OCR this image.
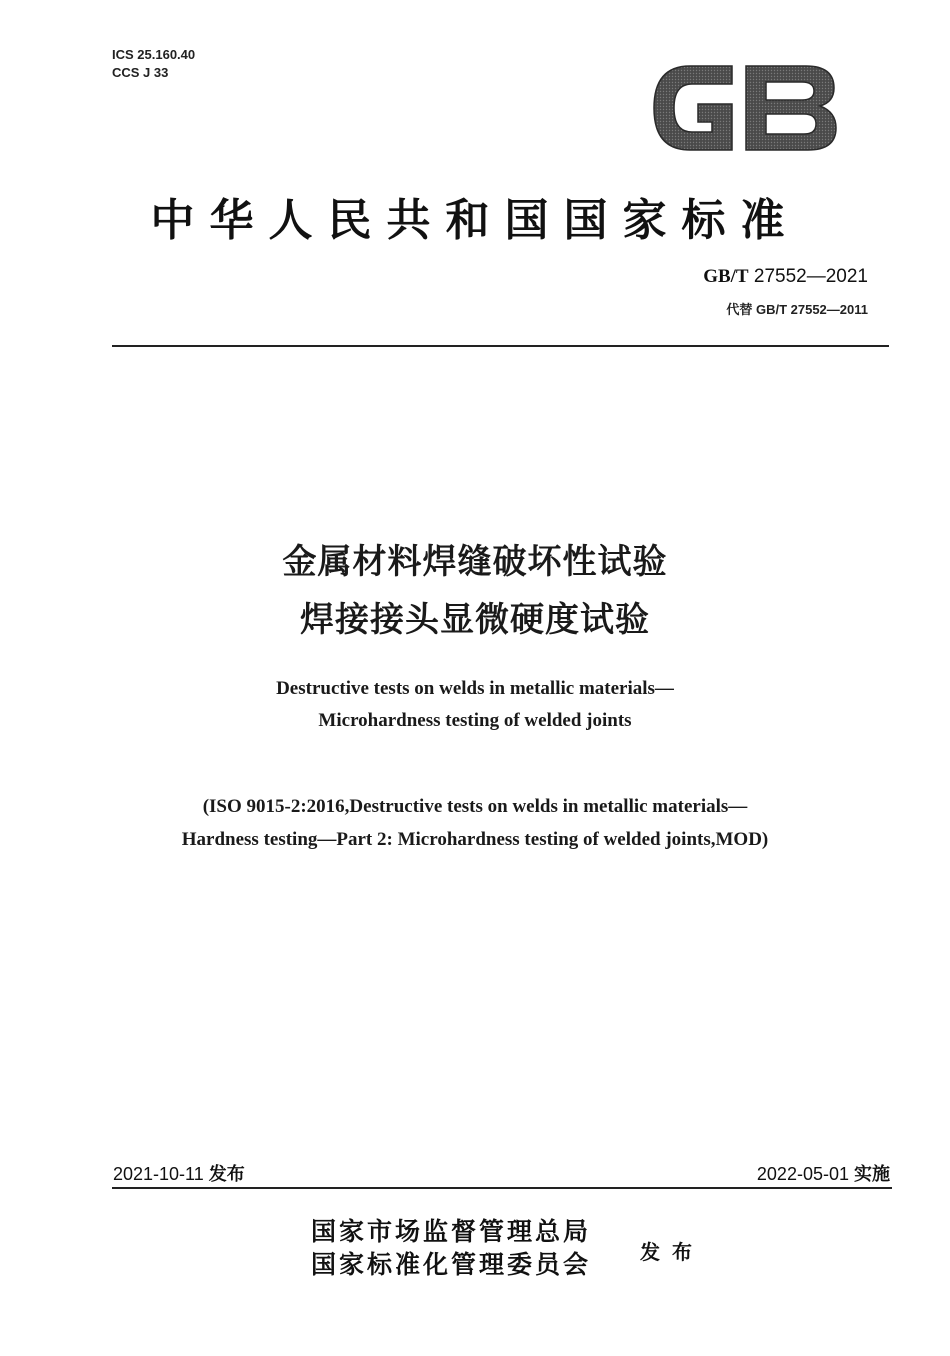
ICS 25.160.40
CCS J 33
中华人民共和国国家标准
GB/T 27552—2021
代替 GB/T 27552—2011
金属材料焊缝破坏性试验
焊接接头显微硬度试验
Destructive tests on welds in metallic materials—
Microhardness testing of welded joints
(ISO 9015-2:2016,Destructive tests on welds in metallic materials—
Hardness testing—Part 2: Microhardness testing of welded joints,MOD)
2021-10-11 发布	2022-05-01 实施
国家市场监督管理总局
国家标准化管理委员会 发布
